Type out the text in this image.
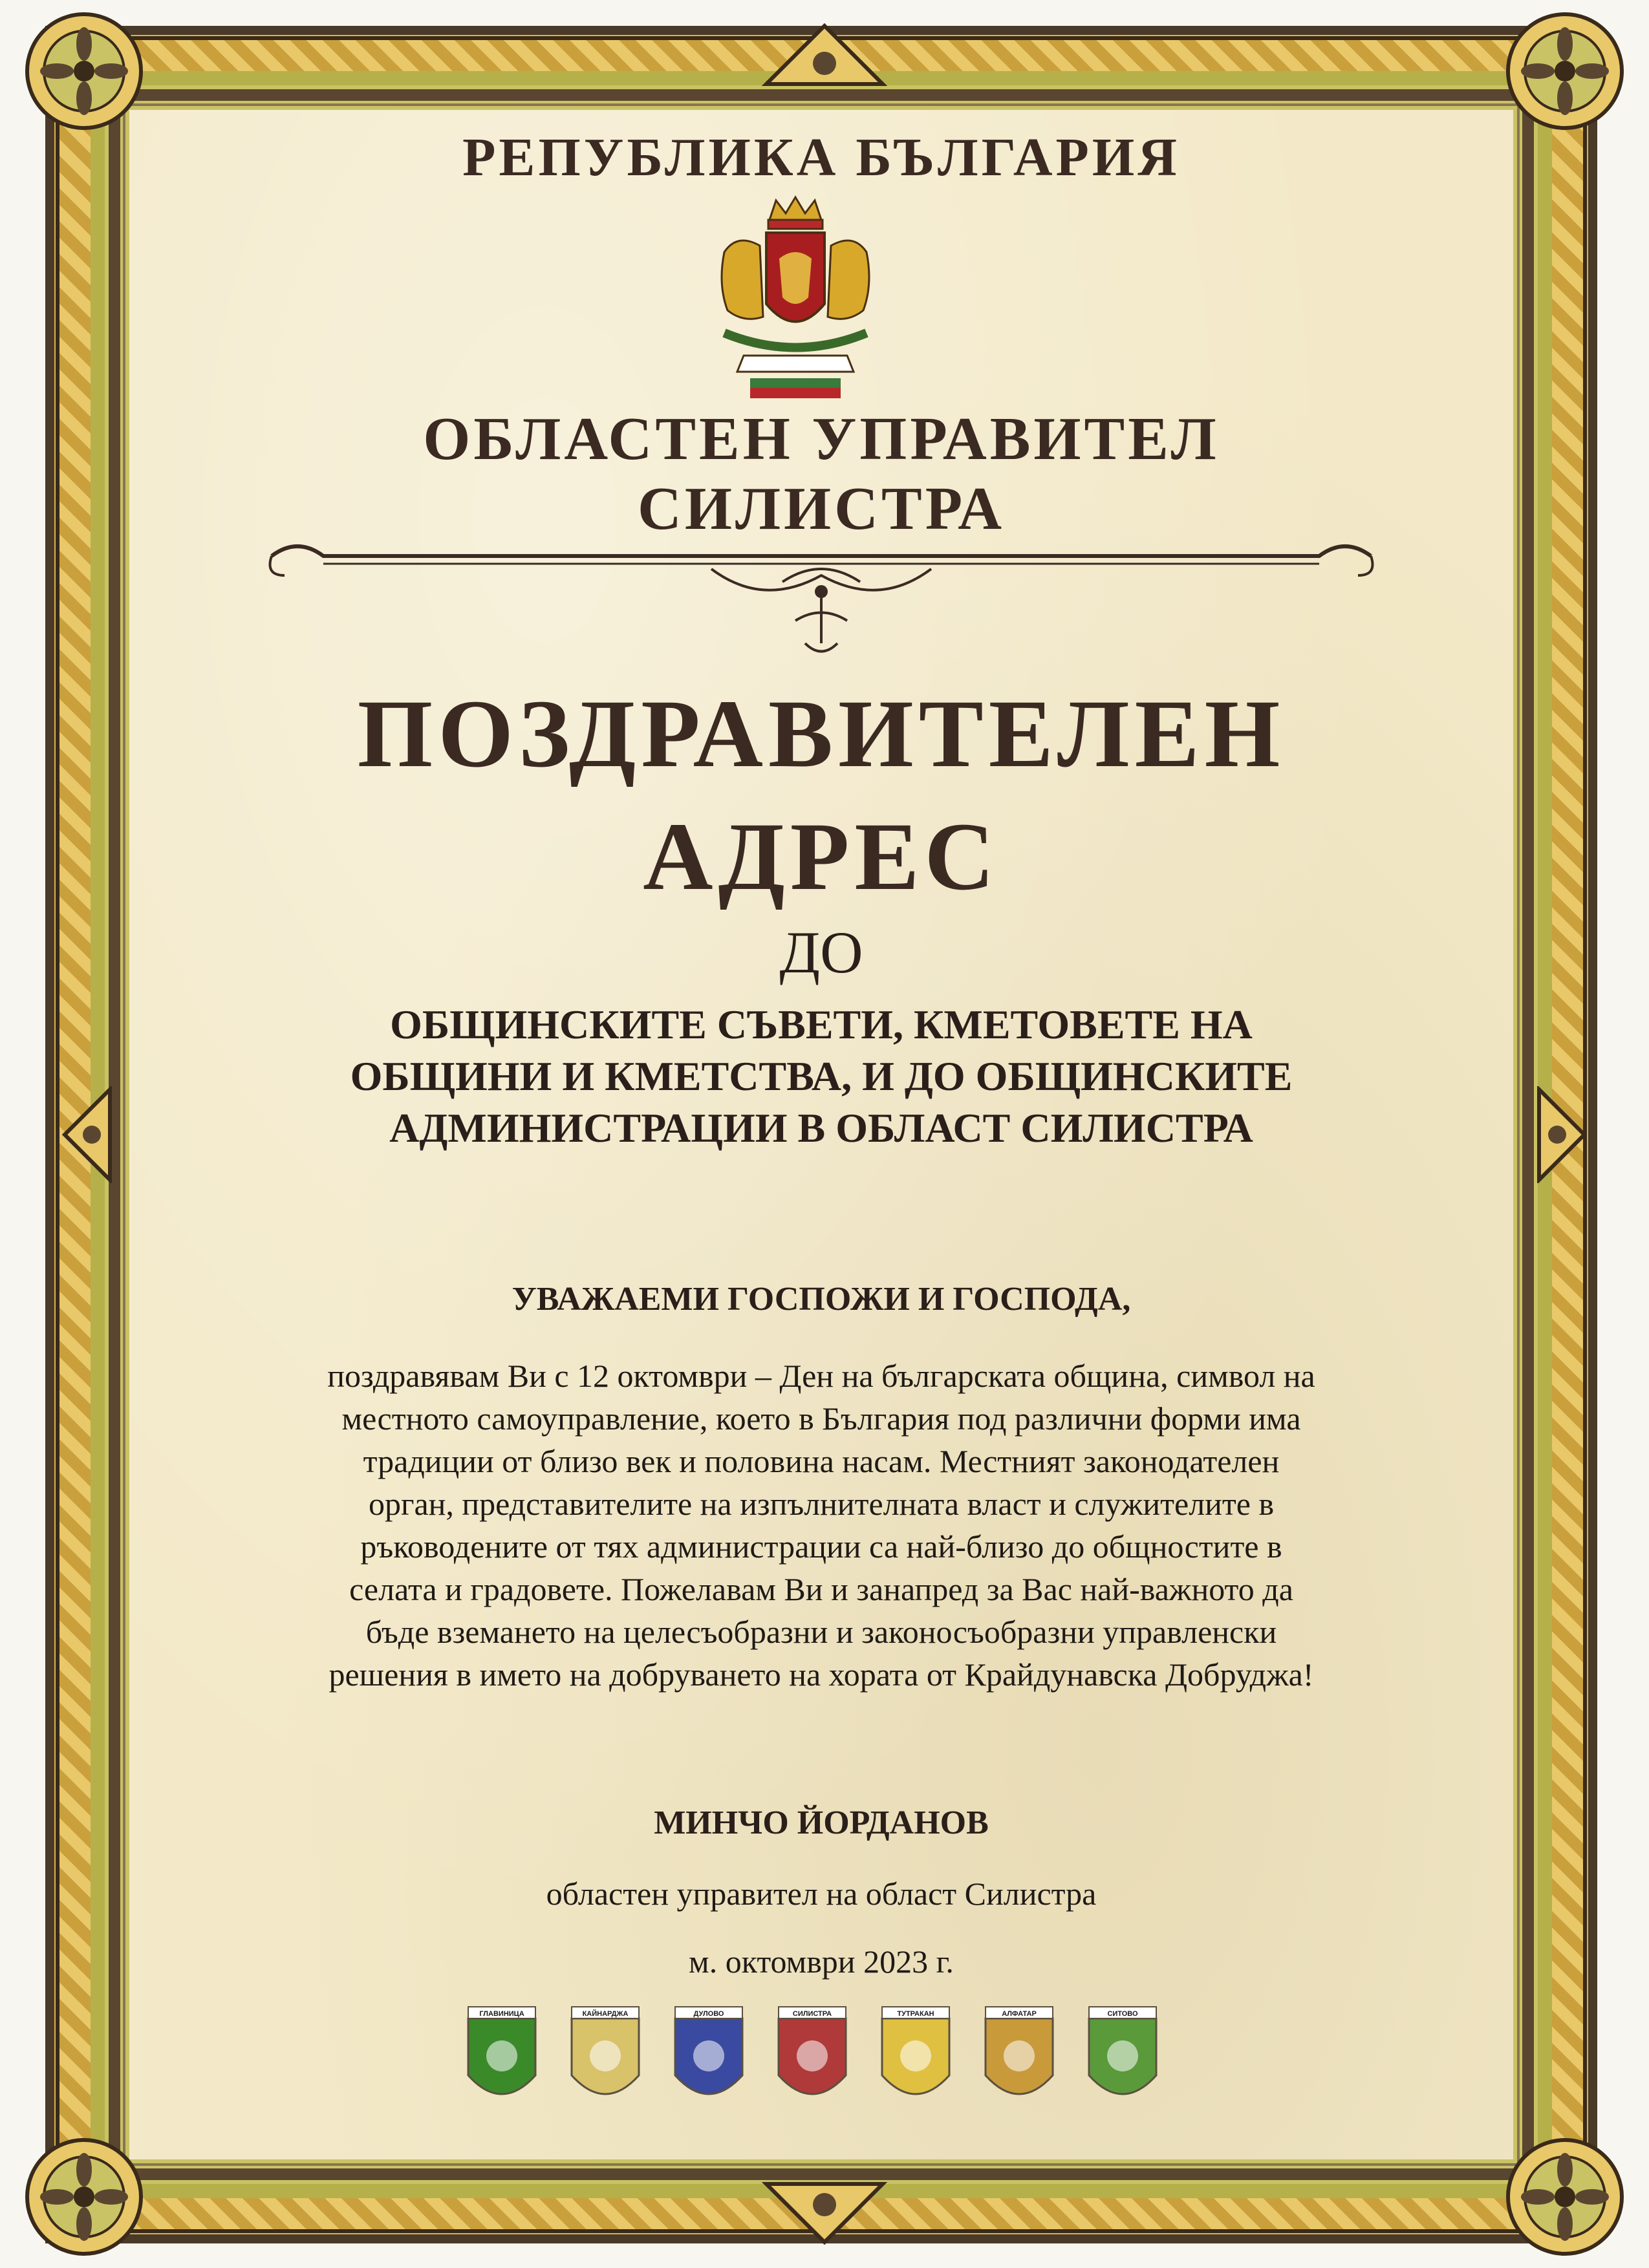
РЕПУБЛИКА БЪЛГАРИЯ
ОБЛАСТЕН УПРАВИТЕЛ
СИЛИСТРА
ПОЗДРАВИТЕЛЕН
АДРЕС
ДО
ОБЩИНСКИТЕ СЪВЕТИ, КМЕТОВЕТЕ НА
ОБЩИНИ И КМЕТСТВА, И ДО ОБЩИНСКИТЕ
АДМИНИСТРАЦИИ В ОБЛАСТ СИЛИСТРА
УВАЖАЕМИ ГОСПОЖИ И ГОСПОДА,
поздравявам Ви с 12 октомври – Ден на българската община, символ на
местното самоуправление, което в България под различни форми има
традиции от близо век и половина насам. Местният законодателен
орган, представителите на изпълнителната власт и служителите в
ръководените от тях администрации са най-близо до общностите в
селата и градовете. Пожелавам Ви и занапред за Вас най-важното да
бъде вземането на целесъобразни и законосъобразни управленски
решения в името на добруването на хората от Крайдунавска Добруджа!
МИНЧО ЙОРДАНОВ
областен управител на област Силистра
м. октомври 2023 г.
ГЛАВИНИЦА	КАЙНАРДЖА	ДУЛОВО	СИЛИСТРА	ТУТРАКАН	АЛФАТАР	СИТОВО
